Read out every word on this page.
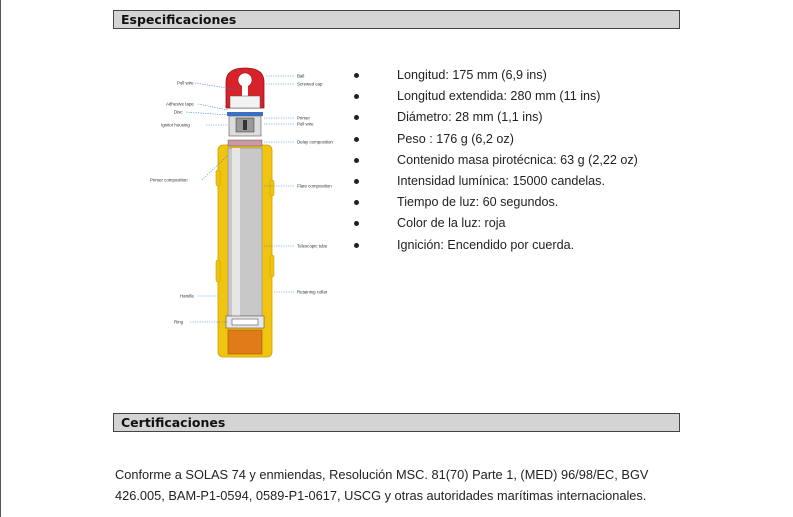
Especificaciones
Ball
Screwed cap
Pull wire
Adhesive tape
Disc
Primer
Pull wire
Ignitor housing
Delay composition
Primer composition
Flare composition
Telescopic tube
Handle
Retaining collar
Ring
Longitud: 175 mm (6,9 ins)
Longitud extendida: 280 mm (11 ins)
Diámetro: 28 mm (1,1 ins)
Peso : 176 g (6,2 oz)
Contenido masa pirotécnica: 63 g (2,22 oz)
Intensidad lumínica: 15000 candelas.
Tiempo de luz: 60 segundos.
Color de la luz: roja
Ignición: Encendido por cuerda.
Certificaciones

Conforme a SOLAS 74 y enmiendas, Resolución MSC. 81(70) Parte 1, (MED) 96/98/EC, BGV
426.005, BAM-P1-0594, 0589-P1-0617, USCG y otras autoridades marítimas internacionales.
